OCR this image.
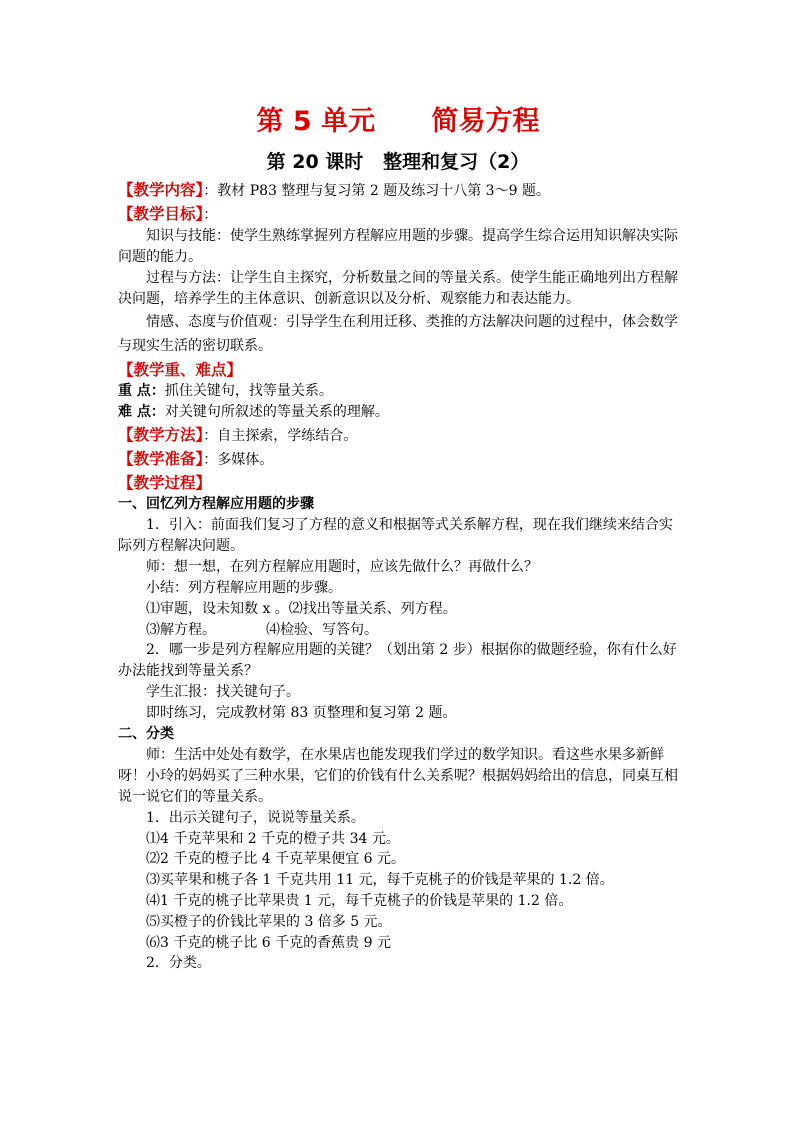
第 5 单元      简易方程
第 20 课时   整理和复习（2）
【教学内容】：教材 P83 整理与复习第 2 题及练习十八第 3～9 题。
【教学目标】：
知识与技能：使学生熟练掌握列方程解应用题的步骤。提高学生综合运用知识解决实际问题的能力。
过程与方法：让学生自主探究，分析数量之间的等量关系。使学生能正确地列出方程解决问题，培养学生的主体意识、创新意识以及分析、观察能力和表达能力。
情感、态度与价值观：引导学生在利用迁移、类推的方法解决问题的过程中，体会数学与现实生活的密切联系。
【教学重、难点】
重 点：抓住关键句，找等量关系。
难 点：对关键句所叙述的等量关系的理解。
【教学方法】：自主探索，学练结合。
【教学准备】：多媒体。
【教学过程】
一、回忆列方程解应用题的步骤
1．引入：前面我们复习了方程的意义和根据等式关系解方程，现在我们继续来结合实际列方程解决问题。
师：想一想，在列方程解应用题时，应该先做什么？再做什么？
小结：列方程解应用题的步骤。
⑴审题，设未知数 x 。⑵找出等量关系、列方程。
⑶解方程。	⑷检验、写答句。
2．哪一步是列方程解应用题的关键？（划出第 2 步）根据你的做题经验，你有什么好办法能找到等量关系？
学生汇报：找关键句子。
即时练习，完成教材第 83 页整理和复习第 2 题。
二、分类
师：生活中处处有数学，在水果店也能发现我们学过的数学知识。看这些水果多新鲜呀！小玲的妈妈买了三种水果，它们的价钱有什么关系呢？根据妈妈给出的信息，同桌互相说一说它们的等量关系。
1．出示关键句子，说说等量关系。
⑴4 千克苹果和 2 千克的橙子共 34 元。
⑵2 千克的橙子比 4 千克苹果便宜 6 元。
⑶买苹果和桃子各 1 千克共用 11 元，每千克桃子的价钱是苹果的 1.2 倍。
⑷1 千克的桃子比苹果贵 1 元，每千克桃子的价钱是苹果的 1.2 倍。
⑸买橙子的价钱比苹果的 3 倍多 5 元。
⑹3 千克的桃子比 6 千克的香蕉贵 9 元
2．分类。
